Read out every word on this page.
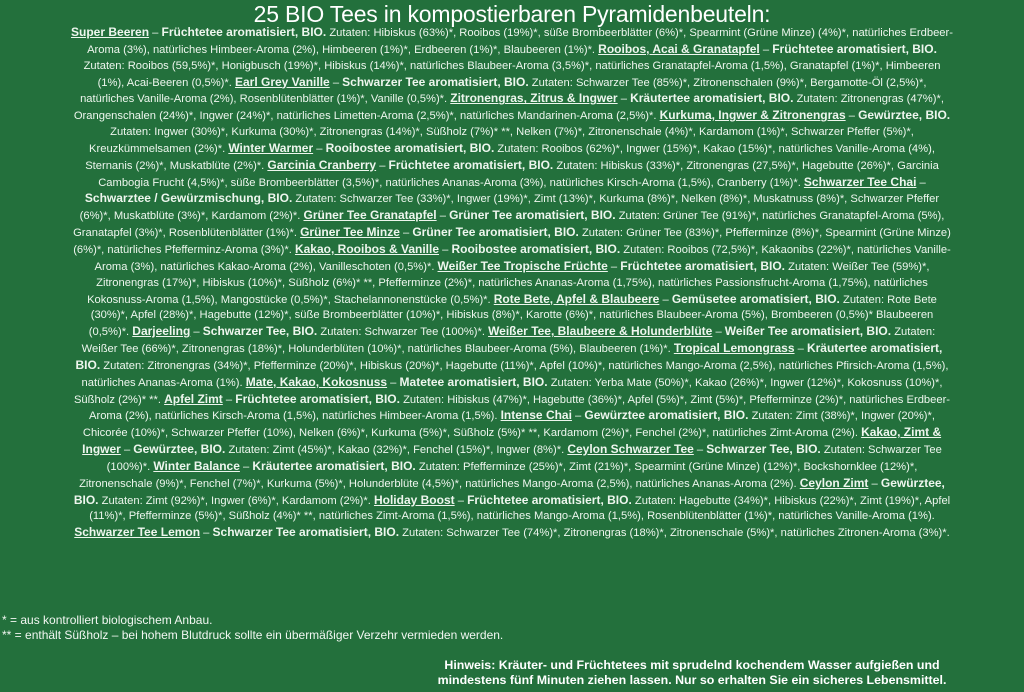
25 BIO Tees in kompostierbaren Pyramidenbeuteln:
Super Beeren – Früchtetee aromatisiert, BIO. Zutaten: Hibiskus (63%)*, Rooibos (19%)*, süße Brombeerblätter (6%)*, Spearmint (Grüne Minze) (4%)*, natürliches Erdbeer-Aroma (3%), natürliches Himbeer-Aroma (2%), Himbeeren (1%)*, Erdbeeren (1%)*, Blaubeeren (1%)*. Rooibos, Acai & Granatapfel – Früchtetee aromatisiert, BIO. Zutaten: Rooibos (59,5%)*, Honigbusch (19%)*, Hibiskus (14%)*, natürliches Blaubeer-Aroma (3,5%)*, natürliches Granatapfel-Aroma (1,5%), Granatapfel (1%)*, Himbeeren (1%), Acai-Beeren (0,5%)*. Earl Grey Vanille – Schwarzer Tee aromatisiert, BIO. Zutaten: Schwarzer Tee (85%)*, Zitronenschalen (9%)*, Bergamotte-Öl (2,5%)*, natürliches Vanille-Aroma (2%), Rosenblütenblätter (1%)*, Vanille (0,5%)*. Zitronengras, Zitrus & Ingwer – Kräutertee aromatisiert, BIO. Zutaten: Zitronengras (47%)*, Orangenschalen (24%)*, Ingwer (24%)*, natürliches Limetten-Aroma (2,5%)*, natürliches Mandarinen-Aroma (2,5%)*. Kurkuma, Ingwer & Zitronengras – Gewürztee, BIO. Zutaten: Ingwer (30%)*, Kurkuma (30%)*, Zitronengras (14%)*, Süßholz (7%)* **, Nelken (7%)*, Zitronenschale (4%)*, Kardamom (1%)*, Schwarzer Pfeffer (5%)*, Kreuzkümmelsamen (2%)*. Winter Warmer – Rooibostee aromatisiert, BIO. Zutaten: Rooibos (62%)*, Ingwer (15%)*, Kakao (15%)*, natürliches Vanille-Aroma (4%), Sternanis (2%)*, Muskatblüte (2%)*. Garcinia Cranberry – Früchtetee aromatisiert, BIO. Zutaten: Hibiskus (33%)*, Zitronengras (27,5%)*, Hagebutte (26%)*, Garcinia Cambogia Frucht (4,5%)*, süße Brombeerblätter (3,5%)*, natürliches Ananas-Aroma (3%), natürliches Kirsch-Aroma (1,5%), Cranberry (1%)*. Schwarzer Tee Chai – Schwarztee / Gewürzmischung, BIO. Zutaten: Schwarzer Tee (33%)*, Ingwer (19%)*, Zimt (13%)*, Kurkuma (8%)*, Nelken (8%)*, Muskatnuss (8%)*, Schwarzer Pfeffer (6%)*, Muskatblüte (3%)*, Kardamom (2%)*. Grüner Tee Granatapfel – Grüner Tee aromatisiert, BIO. Zutaten: Grüner Tee (91%)*, natürliches Granatapfel-Aroma (5%), Granatapfel (3%)*, Rosenblütenblätter (1%)*. Grüner Tee Minze – Grüner Tee aromatisiert, BIO. Zutaten: Grüner Tee (83%)*, Pfefferminze (8%)*, Spearmint (Grüne Minze) (6%)*, natürliches Pfefferminz-Aroma (3%)*. Kakao, Rooibos & Vanille – Rooibostee aromatisiert, BIO. Zutaten: Rooibos (72,5%)*, Kakaonibs (22%)*, natürliches Vanille-Aroma (3%), natürliches Kakao-Aroma (2%), Vanilleschoten (0,5%)*. Weißer Tee Tropische Früchte – Früchtetee aromatisiert, BIO. Zutaten: Weißer Tee (59%)*, Zitronengras (17%)*, Hibiskus (10%)*, Süßholz (6%)* **, Pfefferminze (2%)*, natürliches Ananas-Aroma (1,75%), natürliches Passionsfrucht-Aroma (1,75%), natürliches Kokosnuss-Aroma (1,5%), Mangostücke (0,5%)*, Stachelannonenstücke (0,5%)*. Rote Bete, Apfel & Blaubeere – Gemüsetee aromatisiert, BIO. Zutaten: Rote Bete (30%)*, Apfel (28%)*, Hagebutte (12%)*, süße Brombeerblätter (10%)*, Hibiskus (8%)*, Karotte (6%)*, natürliches Blaubeer-Aroma (5%), Brombeeren (0,5%)* Blaubeeren (0,5%)*. Darjeeling – Schwarzer Tee, BIO. Zutaten: Schwarzer Tee (100%)*. Weißer Tee, Blaubeere & Holunderblüte – Weißer Tee aromatisiert, BIO. Zutaten: Weißer Tee (66%)*, Zitronengras (18%)*, Holunderblüten (10%)*, natürliches Blaubeer-Aroma (5%), Blaubeeren (1%)*. Tropical Lemongrass – Kräutertee aromatisiert, BIO. Zutaten: Zitronengras (34%)*, Pfefferminze (20%)*, Hibiskus (20%)*, Hagebutte (11%)*, Apfel (10%)*, natürliches Mango-Aroma (2,5%), natürliches Pfirsich-Aroma (1,5%), natürliches Ananas-Aroma (1%). Mate, Kakao, Kokosnuss – Matetee aromatisiert, BIO. Zutaten: Yerba Mate (50%)*, Kakao (26%)*, Ingwer (12%)*, Kokosnuss (10%)*, Süßholz (2%)* **. Apfel Zimt – Früchtetee aromatisiert, BIO. Zutaten: Hibiskus (47%)*, Hagebutte (36%)*, Apfel (5%)*, Zimt (5%)*, Pfefferminze (2%)*, natürliches Erdbeer-Aroma (2%), natürliches Kirsch-Aroma (1,5%), natürliches Himbeer-Aroma (1,5%). Intense Chai – Gewürztee aromatisiert, BIO. Zutaten: Zimt (38%)*, Ingwer (20%)*, Chicorée (10%)*, Schwarzer Pfeffer (10%), Nelken (6%)*, Kurkuma (5%)*, Süßholz (5%)* **, Kardamom (2%)*, Fenchel (2%)*, natürliches Zimt-Aroma (2%). Kakao, Zimt & Ingwer – Gewürztee, BIO. Zutaten: Zimt (45%)*, Kakao (32%)*, Fenchel (15%)*, Ingwer (8%)*. Ceylon Schwarzer Tee – Schwarzer Tee, BIO. Zutaten: Schwarzer Tee (100%)*. Winter Balance – Kräutertee aromatisiert, BIO. Zutaten: Pfefferminze (25%)*, Zimt (21%)*, Spearmint (Grüne Minze) (12%)*, Bockshornklee (12%)*, Zitronenschale (9%)*, Fenchel (7%)*, Kurkuma (5%)*, Holunderblüte (4,5%)*, natürliches Mango-Aroma (2,5%), natürliches Ananas-Aroma (2%). Ceylon Zimt – Gewürztee, BIO. Zutaten: Zimt (92%)*, Ingwer (6%)*, Kardamom (2%)*. Holiday Boost – Früchtetee aromatisiert, BIO. Zutaten: Hagebutte (34%)*, Hibiskus (22%)*, Zimt (19%)*, Apfel (11%)*, Pfefferminze (5%)*, Süßholz (4%)* **, natürliches Zimt-Aroma (1,5%), natürliches Mango-Aroma (1,5%), Rosenblütenblätter (1%)*, natürliches Vanille-Aroma (1%). Schwarzer Tee Lemon – Schwarzer Tee aromatisiert, BIO. Zutaten: Schwarzer Tee (74%)*, Zitronengras (18%)*, Zitronenschale (5%)*, natürliches Zitronen-Aroma (3%)*.
* = aus kontrolliert biologischem Anbau.
** = enthält Süßholz – bei hohem Blutdruck sollte ein übermäßiger Verzehr vermieden werden.
Hinweis: Kräuter- und Früchtetees mit sprudelnd kochendem Wasser aufgießen und mindestens fünf Minuten ziehen lassen. Nur so erhalten Sie ein sicheres Lebensmittel.
